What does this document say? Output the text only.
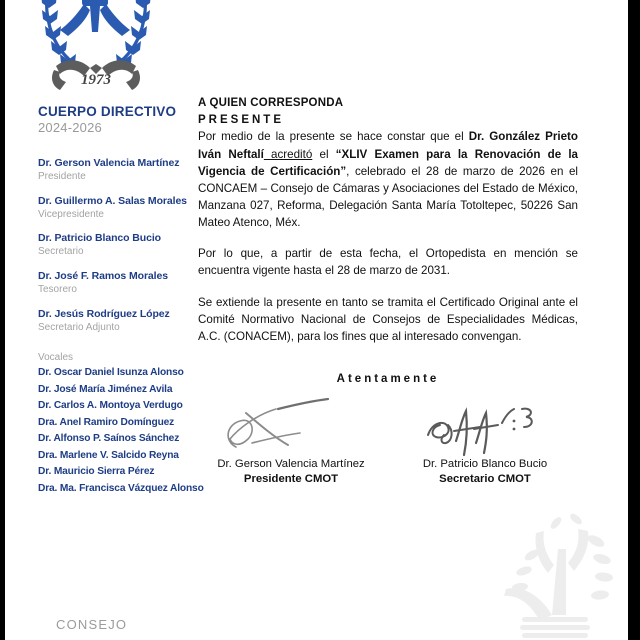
1973
CUERPO DIRECTIVO
2024-2026
Dr. Gerson Valencia Martínez
Presidente
Dr. Guillermo A. Salas Morales
Vicepresidente
Dr. Patricio Blanco Bucio
Secretario
Dr. José F. Ramos Morales
Tesorero
Dr. Jesús Rodríguez López
Secretario Adjunto
Vocales
Dr. Oscar Daniel Isunza Alonso
Dr. José María Jiménez Avila
Dr. Carlos A. Montoya Verdugo
Dra. Anel Ramiro Domínguez
Dr. Alfonso P. Saínos Sánchez
Dra. Marlene V. Salcido Reyna
Dr. Mauricio Sierra Pérez
Dra. Ma. Francisca Vázquez Alonso
CONSEJO
A QUIEN CORRESPONDA
PRESENTE

Por medio de la presente se hace constar que el Dr. González Prieto Iván Neftalí acreditó el “XLIV Examen para la Renovación de la Vigencia de Certificación”, celebrado el 28 de marzo de 2026 en el CONCAEM – Consejo de Cámaras y Asociaciones del Estado de México, Manzana 027, Reforma, Delegación Santa María Totoltepec, 50226 San Mateo Atenco, Méx.

Por lo que, a partir de esta fecha, el Ortopedista en mención se encuentra vigente hasta el 28 de marzo de 2031.

Se extiende la presente en tanto se tramita el Certificado Original ante el Comité Normativo Nacional de Consejos de Especialidades Médicas, A.C. (CONACEM), para los fines que al interesado convengan.

Atentamente
Dr. Gerson Valencia Martínez
Presidente CMOT
Dr. Patricio Blanco Bucio
Secretario CMOT
